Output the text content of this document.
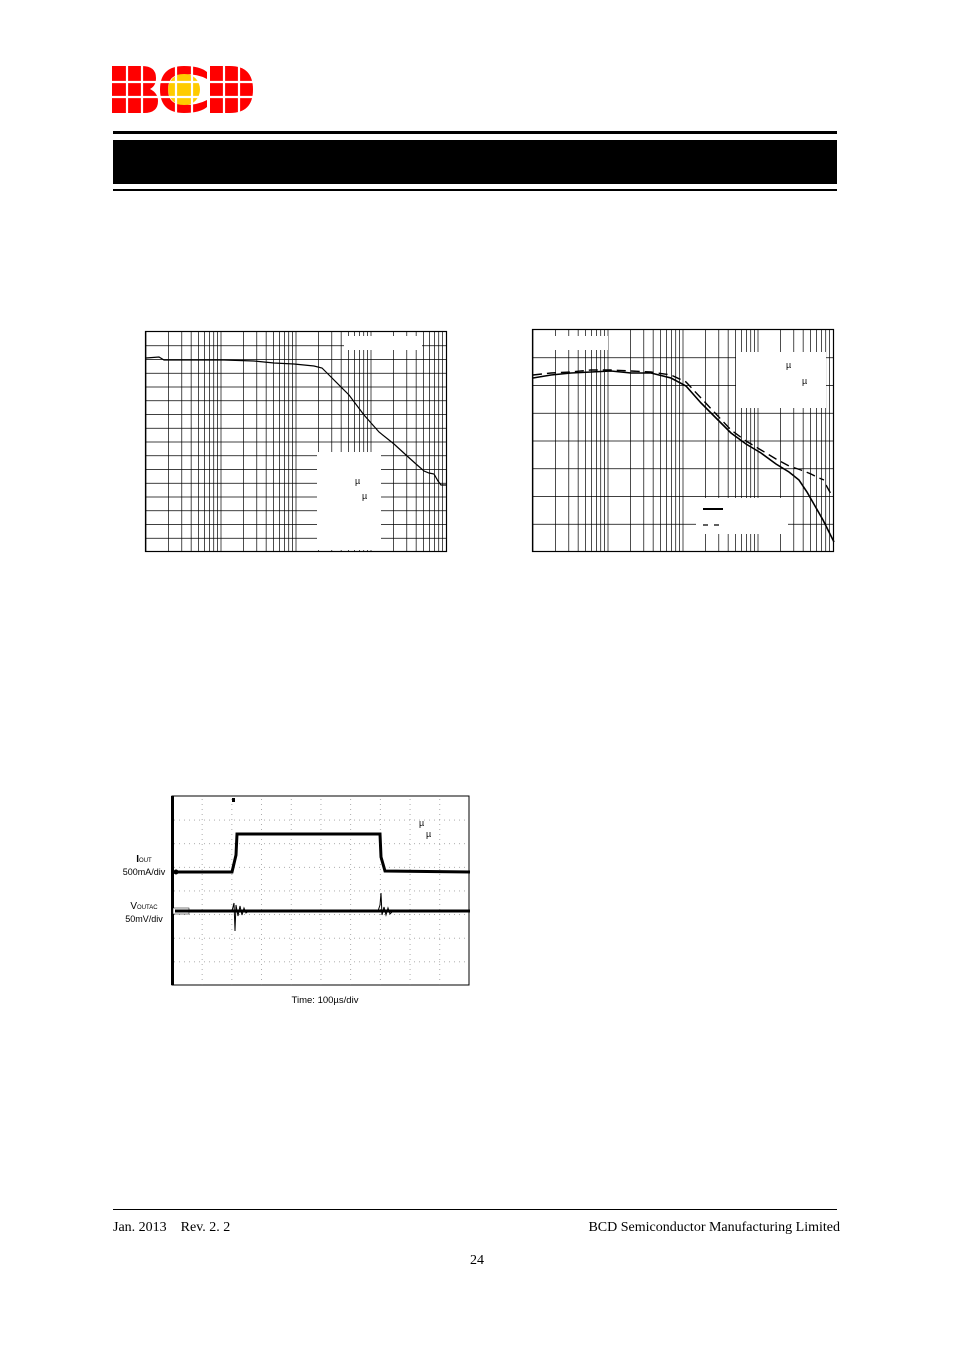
µ
µ
µ
µ
IOUT
500mA/div
VOUTAC
50mV/div
µ
µ
Time: 100µs/div
Jan. 2013    Rev. 2. 2	BCD Semiconductor Manufacturing Limited
24
